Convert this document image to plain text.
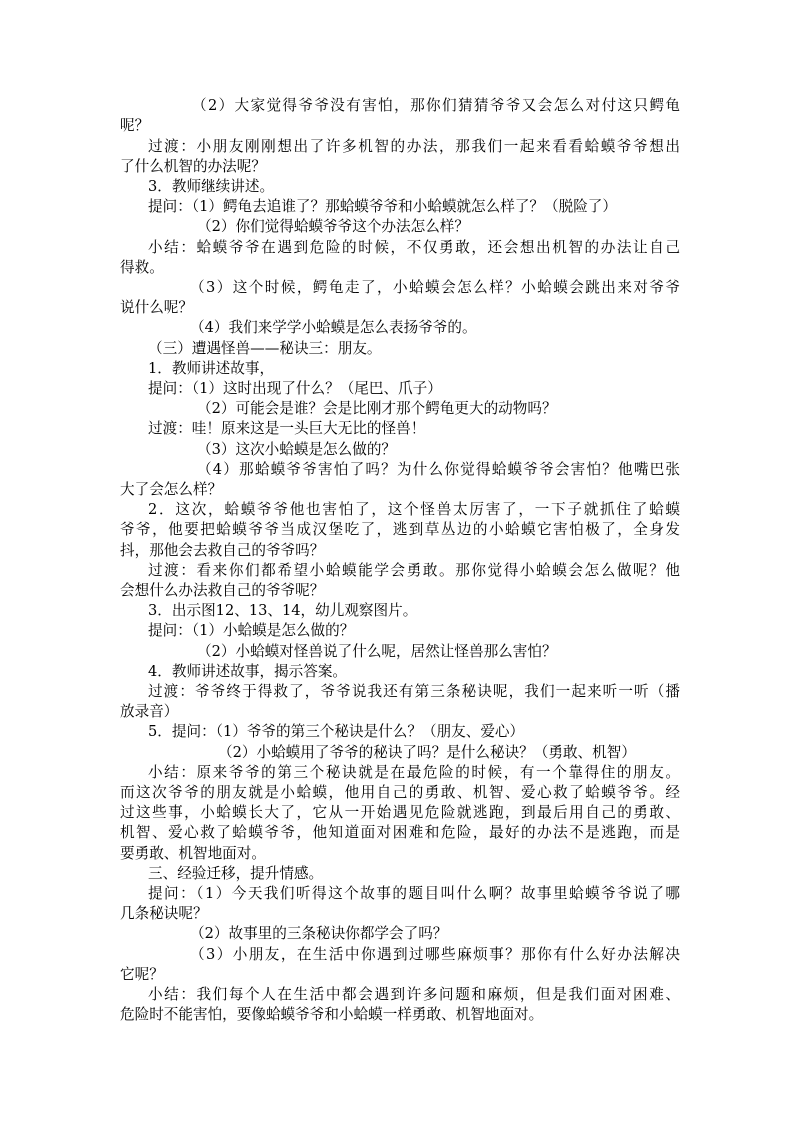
（2）大家觉得爷爷没有害怕，那你们猜猜爷爷又会怎么对付这只鳄龟
呢？
过渡：小朋友刚刚想出了许多机智的办法，那我们一起来看看蛤蟆爷爷想出
了什么机智的办法呢？
3．教师继续讲述。
提问：（1）鳄龟去追谁了？那蛤蟆爷爷和小蛤蟆就怎么样了？（脱险了）
（2）你们觉得蛤蟆爷爷这个办法怎么样？
小结：蛤蟆爷爷在遇到危险的时候，不仅勇敢，还会想出机智的办法让自己
得救。
（3）这个时候，鳄龟走了，小蛤蟆会怎么样？小蛤蟆会跳出来对爷爷
说什么呢？
（4）我们来学学小蛤蟆是怎么表扬爷爷的。
（三）遭遇怪兽——秘诀三：朋友。
1．教师讲述故事，
提问：（1）这时出现了什么？（尾巴、爪子）
（2）可能会是谁？会是比刚才那个鳄龟更大的动物吗？
过渡：哇！原来这是一头巨大无比的怪兽！
（3）这次小蛤蟆是怎么做的？
（4）那蛤蟆爷爷害怕了吗？为什么你觉得蛤蟆爷爷会害怕？他嘴巴张
大了会怎么样？
2．这次，蛤蟆爷爷他也害怕了，这个怪兽太厉害了，一下子就抓住了蛤蟆
爷爷，他要把蛤蟆爷爷当成汉堡吃了，逃到草丛边的小蛤蟆它害怕极了，全身发
抖，那他会去救自己的爷爷吗？
过渡：看来你们都希望小蛤蟆能学会勇敢。那你觉得小蛤蟆会怎么做呢？他
会想什么办法救自己的爷爷呢？
3．出示图12、13、14，幼儿观察图片。
提问：（1）小蛤蟆是怎么做的？
（2）小蛤蟆对怪兽说了什么呢，居然让怪兽那么害怕？
4．教师讲述故事，揭示答案。
过渡：爷爷终于得救了，爷爷说我还有第三条秘诀呢，我们一起来听一听（播
放录音）
5．提问：（1）爷爷的第三个秘诀是什么？（朋友、爱心）
（2）小蛤蟆用了爷爷的秘诀了吗？是什么秘诀？（勇敢、机智）
小结：原来爷爷的第三个秘诀就是在最危险的时候，有一个靠得住的朋友。
而这次爷爷的朋友就是小蛤蟆，他用自己的勇敢、机智、爱心救了蛤蟆爷爷。经
过这些事，小蛤蟆长大了，它从一开始遇见危险就逃跑，到最后用自己的勇敢、
机智、爱心救了蛤蟆爷爷，他知道面对困难和危险，最好的办法不是逃跑，而是
要勇敢、机智地面对。
三、经验迁移，提升情感。
提问：（1）今天我们听得这个故事的题目叫什么啊？故事里蛤蟆爷爷说了哪
几条秘诀呢？
（2）故事里的三条秘诀你都学会了吗？
（3）小朋友，在生活中你遇到过哪些麻烦事？那你有什么好办法解决
它呢？
小结：我们每个人在生活中都会遇到许多问题和麻烦，但是我们面对困难、
危险时不能害怕，要像蛤蟆爷爷和小蛤蟆一样勇敢、机智地面对。
